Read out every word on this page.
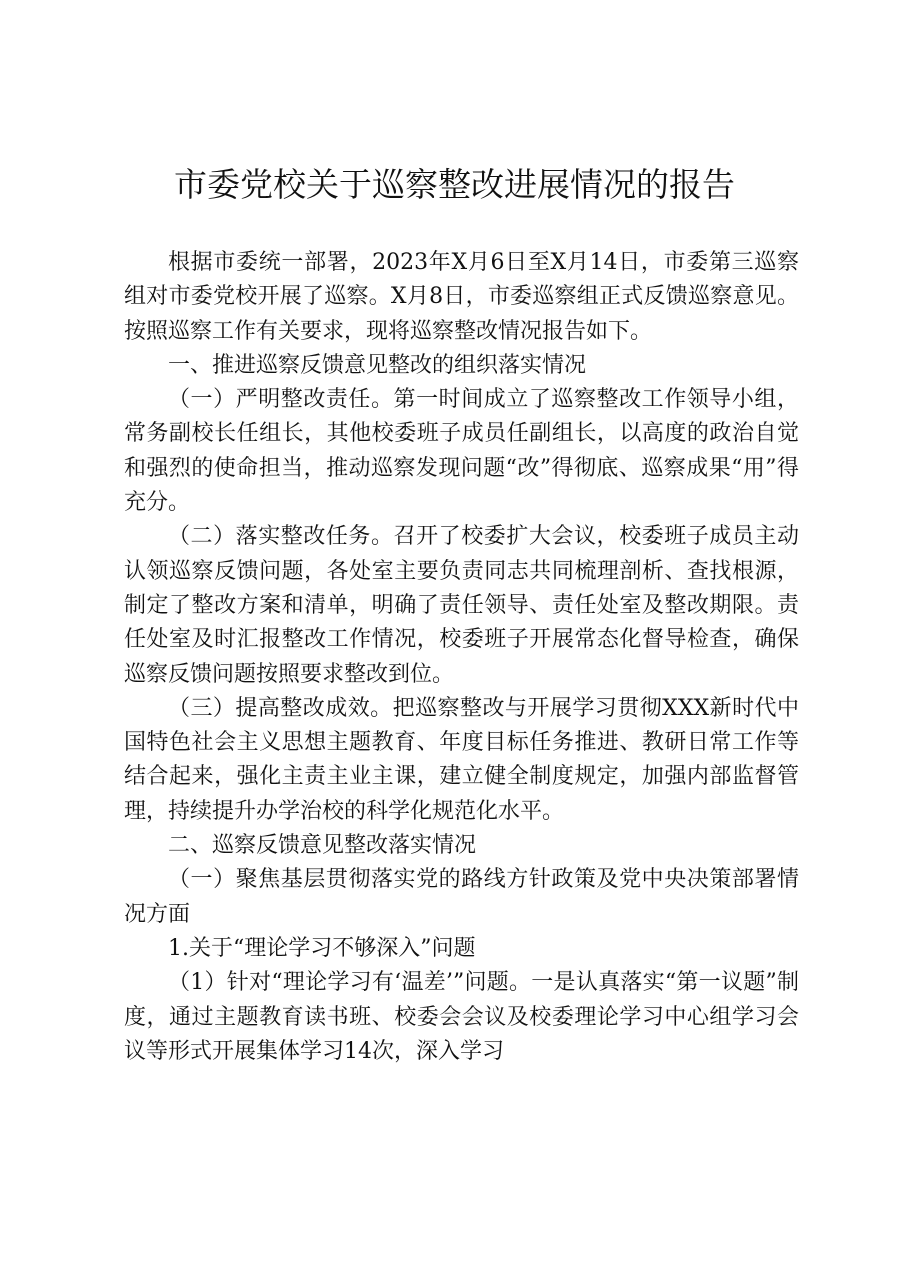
市委党校关于巡察整改进展情况的报告

根据市委统一部署，2023年X月6日至X月14日，市委第三巡察组对市委党校开展了巡察。X月8日，市委巡察组正式反馈巡察意见。按照巡察工作有关要求，现将巡察整改情况报告如下。

一、推进巡察反馈意见整改的组织落实情况

（一）严明整改责任。第一时间成立了巡察整改工作领导小组，常务副校长任组长，其他校委班子成员任副组长，以高度的政治自觉和强烈的使命担当，推动巡察发现问题“改”得彻底、巡察成果“用”得充分。

（二）落实整改任务。召开了校委扩大会议，校委班子成员主动认领巡察反馈问题，各处室主要负责同志共同梳理剖析、查找根源，制定了整改方案和清单，明确了责任领导、责任处室及整改期限。责任处室及时汇报整改工作情况，校委班子开展常态化督导检查，确保巡察反馈问题按照要求整改到位。

（三）提高整改成效。把巡察整改与开展学习贯彻XXX新时代中国特色社会主义思想主题教育、年度目标任务推进、教研日常工作等结合起来，强化主责主业主课，建立健全制度规定，加强内部监督管理，持续提升办学治校的科学化规范化水平。

二、巡察反馈意见整改落实情况

（一）聚焦基层贯彻落实党的路线方针政策及党中央决策部署情况方面

1.关于“理论学习不够深入”问题

（1）针对“理论学习有‘温差’”问题。一是认真落实“第一议题”制度，通过主题教育读书班、校委会会议及校委理论学习中心组学习会议等形式开展集体学习14次，深入学习
